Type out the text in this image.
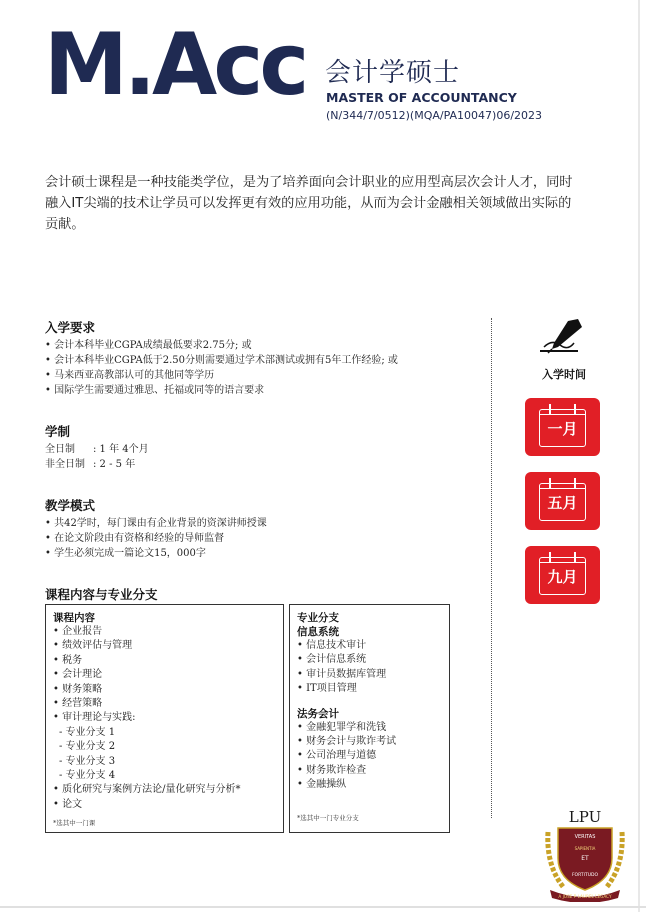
M.Acc 会计学硕士
MASTER OF ACCOUNTANCY
(N/344/7/0512)(MQA/PA10047)06/2023
会计硕士课程是一种技能类学位，是为了培养面向会计职业的应用型高层次会计人才，同时
融入IT尖端的技术让学员可以发挥更有效的应用功能，从而为会计金融相关领域做出实际的
贡献。
入学要求
• 会计本科毕业CGPA成绩最低要求2.75分; 或
• 会计本科毕业CGPA低于2.50分则需要通过学术部测试或拥有5年工作经验; 或
• 马来西亚高教部认可的其他同等学历
• 国际学生需要通过雅思、托福或同等的语言要求
学制
全日制 : 1 年 4个月
非全日制 : 2 - 5 年
教学模式
• 共42学时，每门课由有企业背景的资深讲师授课
• 在论文阶段由有资格和经验的导师监督
• 学生必须完成一篇论文15，000字
课程内容与专业分支
课程内容
• 企业报告
• 绩效评估与管理
• 税务
• 会计理论
• 财务策略
• 经营策略
• 审计理论与实践:
- 专业分支 1
- 专业分支 2
- 专业分支 3
- 专业分支 4
• 质化研究与案例方法论/量化研究与分析*
• 论文
*选其中一门课
专业分支
信息系统
• 信息技术审计
• 会计信息系统
• 审计员数据库管理
• IT项目管理
法务会计
• 金融犯罪学和洗钱
• 财务会计与欺诈考试
• 公司治理与道德
• 财务欺诈检查
• 金融操纵
*选其中一门专业分支
入学时间
一月
五月
九月
LPU
VERITAS
ET
FORTITUDO
SAPIENTIA
A JOSE P LAUREL LEGACY
